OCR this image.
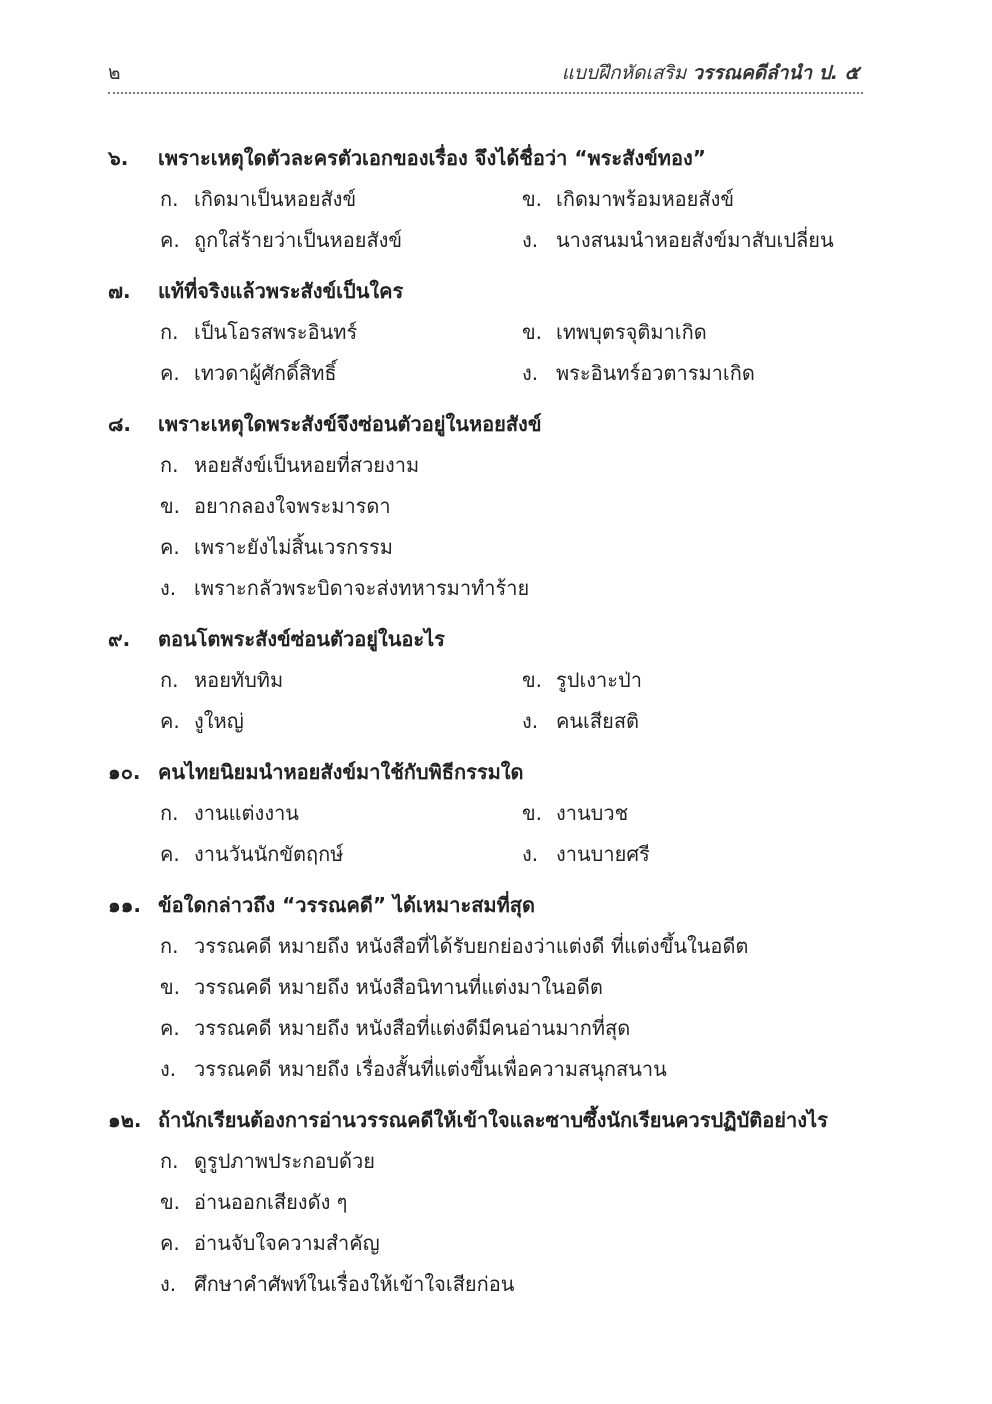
๒	แบบฝึกหัดเสริม วรรณคดีลำนำ ป. ๕
๖.	เพราะเหตุใดตัวละครตัวเอกของเรื่อง จึงได้ชื่อว่า “พระสังข์ทอง”
ก. เกิดมาเป็นหอยสังข์	ข. เกิดมาพร้อมหอยสังข์
ค. ถูกใส่ร้ายว่าเป็นหอยสังข์	ง. นางสนมนำหอยสังข์มาสับเปลี่ยน
๗.	แท้ที่จริงแล้วพระสังข์เป็นใคร
ก. เป็นโอรสพระอินทร์	ข. เทพบุตรจุติมาเกิด
ค. เทวดาผู้ศักดิ์สิทธิ์	ง. พระอินทร์อวตารมาเกิด
๘.	เพราะเหตุใดพระสังข์จึงซ่อนตัวอยู่ในหอยสังข์
ก. หอยสังข์เป็นหอยที่สวยงาม
ข. อยากลองใจพระมารดา
ค. เพราะยังไม่สิ้นเวรกรรม
ง. เพราะกลัวพระบิดาจะส่งทหารมาทำร้าย
๙.	ตอนโตพระสังข์ซ่อนตัวอยู่ในอะไร
ก. หอยทับทิม	ข. รูปเงาะป่า
ค. งูใหญ่	ง. คนเสียสติ
๑๐. คนไทยนิยมนำหอยสังข์มาใช้กับพิธีกรรมใด
ก. งานแต่งงาน	ข. งานบวช
ค. งานวันนักขัตฤกษ์	ง. งานบายศรี
๑๑. ข้อใดกล่าวถึง “วรรณคดี” ได้เหมาะสมที่สุด
ก. วรรณคดี หมายถึง หนังสือที่ได้รับยกย่องว่าแต่งดี ที่แต่งขึ้นในอดีต
ข. วรรณคดี หมายถึง หนังสือนิทานที่แต่งมาในอดีต
ค. วรรณคดี หมายถึง หนังสือที่แต่งดีมีคนอ่านมากที่สุด
ง. วรรณคดี หมายถึง เรื่องสั้นที่แต่งขึ้นเพื่อความสนุกสนาน
๑๒. ถ้านักเรียนต้องการอ่านวรรณคดีให้เข้าใจและซาบซึ้งนักเรียนควรปฏิบัติอย่างไร
ก. ดูรูปภาพประกอบด้วย
ข. อ่านออกเสียงดัง ๆ
ค. อ่านจับใจความสำคัญ
ง. ศึกษาคำศัพท์ในเรื่องให้เข้าใจเสียก่อน
